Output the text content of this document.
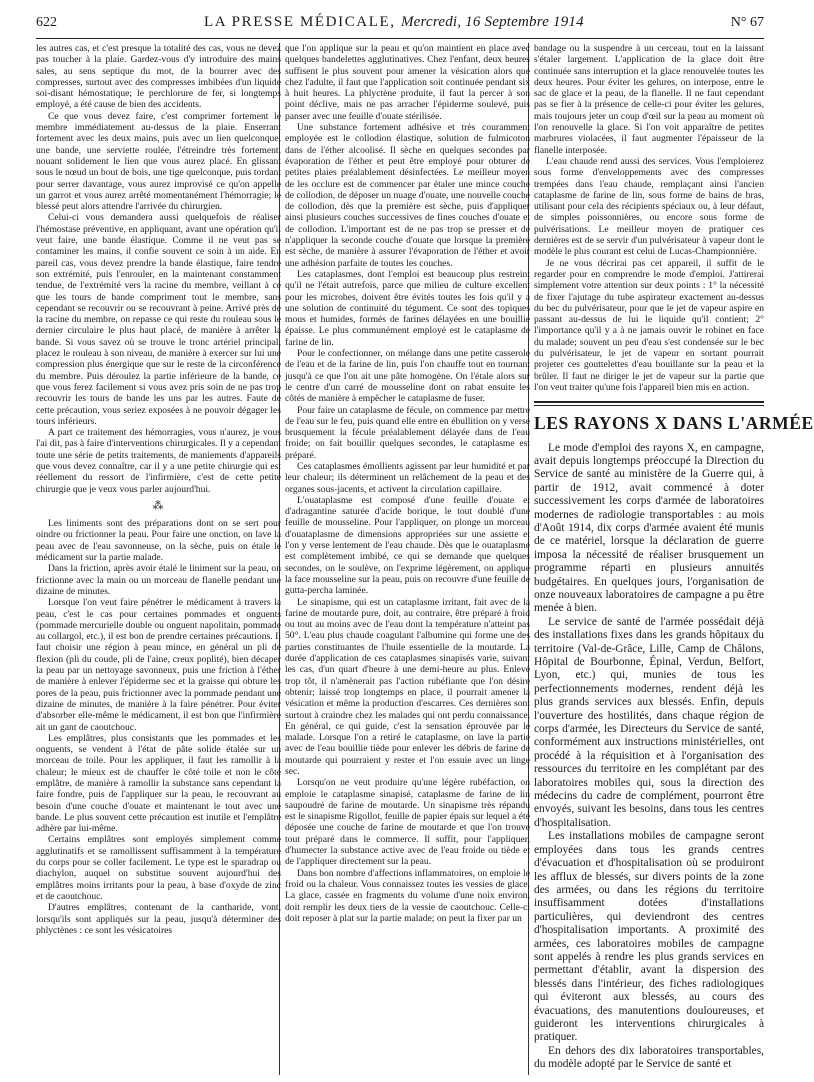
622	LA PRESSE MÉDICALE, Mercredi, 16 Septembre 1914	N° 67

les autres cas, et c'est presque la totalité des cas, vous ne devez pas toucher à la plaie. Gardez-vous d'y introduire des mains sales, au sens septique du mot, de la bourrer avec des compresses, surtout avec des compresses imbibées d'un liquide soi-disant hémostatique; le perchlorure de fer, si longtemps employé, a été cause de bien des accidents.

Ce que vous devez faire, c'est comprimer fortement le membre immédiatement au-dessus de la plaie. Enserrant fortement avec les deux mains, puis avec un lien quelconque, une bande, une serviette roulée, l'étreindre très fortement, nouant solidement le lien que vous aurez placé. En glissant sous le nœud un bout de bois, une tige quelconque, puis tordant pour serrer davantage, vous aurez improvisé ce qu'on appelle un garrot et vous aurez arrêté momentanément l'hémorragie; le blessé peut alors attendre l'arrivée du chirurgien.

Celui-ci vous demandera aussi quelquefois de réaliser l'hémostase préventive, en appliquant, avant une opération qu'il veut faire, une bande élastique. Comme il ne veut pas se contaminer les mains, il confie souvent ce soin à un aide. En pareil cas, vous devez prendre la bande élastique, faire tendre son extrémité, puis l'enrouler, en la maintenant constamment tendue, de l'extrémité vers la racine du membre, veillant à ce que les tours de bande compriment tout le membre, sans cependant se recouvrir ou se recouvrant à peine. Arrivé près de la racine du membre, on repasse ce qui reste du rouleau sous le dernier circulaire le plus haut placé, de manière à arrêter la bande. Si vous savez où se trouve le tronc artériel principal, placez le rouleau à son niveau, de manière à exercer sur lui une compression plus énergique que sur le reste de la circonférence du membre. Puis déroulez la partie inférieure de la bande, ce que vous ferez facilement si vous avez pris soin de ne pas trop recouvrir les tours de bande les uns par les autres. Faute de cette précaution, vous seriez exposées à ne pouvoir dégager les tours inférieurs.

A part ce traitement des hémorragies, vous n'aurez, je vous l'ai dit, pas à faire d'interventions chirurgicales. Il y a cependant toute une série de petits traitements, de maniements d'appareils que vous devez connaître, car il y a une petite chirurgie qui est réellement du ressort de l'infirmière, c'est de cette petite chirurgie que je veux vous parler aujourd'hui.

⁂

Les liniments sont des préparations dont on se sert pour oindre ou frictionner la peau. Pour faire une onction, on lave la peau avec de l'eau savonneuse, on la sèche, puis on étale le médicament sur la partie malade.

Dans la friction, après avoir étalé le liniment sur la peau, on frictionne avec la main ou un morceau de flanelle pendant une dizaine de minutes.

Lorsque l'on veut faire pénétrer le médicament à travers la peau, c'est le cas pour certaines pommades et onguents (pommade mercurielle double ou onguent napolitain, pommade au collargol, etc.), il est bon de prendre certaines précautions. Il faut choisir une région à peau mince, en général un pli de flexion (pli du coude, pli de l'aine, creux poplité), bien décaper la peau par un nettoyage savonneux, puis une friction à l'éther de manière à enlever l'épiderme sec et la graisse qui obture les pores de la peau, puis frictionner avec la pommade pendant une dizaine de minutes, de manière à la faire pénétrer. Pour éviter d'absorber elle-même le médicament, il est bon que l'infirmière ait un gant de caoutchouc.

Les emplâtres, plus consistants que les pommades et les onguents, se vendent à l'état de pâte solide étalée sur un morceau de toile. Pour les appliquer, il faut les ramollir à la chaleur; le mieux est de chauffer le côté toile et non le côté emplâtre, de manière à ramollir la substance sans cependant la faire fondre, puis de l'appliquer sur la peau, le recouvrant au besoin d'une couche d'ouate et maintenant le tout avec une bande. Le plus souvent cette précaution est inutile et l'emplâtre adhère par lui-même.

Certains emplâtres sont employés simplement comme agglutinatifs et se ramollissent suffisamment à la température du corps pour se coller facilement. Le type est le sparadrap ou diachylon, auquel on substitue souvent aujourd'hui des emplâtres moins irritants pour la peau, à base d'oxyde de zinc et de caoutchouc.

D'autres emplâtres, contenant de la cantharide, vont, lorsqu'ils sont appliqués sur la peau, jusqu'à déterminer des phlyctènes : ce sont les vésicatoires

que l'on applique sur la peau et qu'on maintient en place avec quelques bandelettes agglutinatives. Chez l'enfant, deux heures suffisent le plus souvent pour amener la vésication alors que chez l'adulte, il faut que l'application soit continuée pendant six à huit heures. La phlyctène produite, il faut la percer à son point déclive, mais ne pas arracher l'épiderme soulevé, puis panser avec une feuille d'ouate stérilisée.

Une substance fortement adhésive et très couramment employée est le collodion élastique, solution de fulmicoton dans de l'éther alcoolisé. Il sèche en quelques secondes par évaporation de l'éther et peut être employé pour obturer de petites plaies préalablement désinfectées. Le meilleur moyen de les occlure est de commencer par étaler une mince couche de collodion, de déposer un nuage d'ouate, une nouvelle couche de collodion, dès que la première est sèche, puis d'appliquer ainsi plusieurs couches successives de fines couches d'ouate et de collodion. L'important est de ne pas trop se presser et de n'appliquer la seconde couche d'ouate que lorsque la première est sèche, de manière à assurer l'évaporation de l'éther et avoir une adhésion parfaite de toutes les couches.

Les cataplasmes, dont l'emploi est beaucoup plus restreint qu'il ne l'était autrefois, parce que milieu de culture excellent pour les microbes, doivent être évités toutes les fois qu'il y a une solution de continuité du tégument. Ce sont des topiques mous et humides, formés de farines délayées en une bouillie épaisse. Le plus communément employé est le cataplasme de farine de lin.

Pour le confectionner, on mélange dans une petite casserole de l'eau et de la farine de lin, puis l'on chauffe tout en tournant jusqu'à ce que l'on ait une pâte homogène. On l'étale alors sur le centre d'un carré de mousseline dont on rabat ensuite les côtés de manière à empêcher le cataplasme de fuser.

Pour faire un cataplasme de fécule, on commence par mettre de l'eau sur le feu, puis quand elle entre en ébullition on y verse brusquement la fécule préalablement délayée dans de l'eau froide; on fait bouillir quelques secondes, le cataplasme est préparé.

Ces cataplasmes émollients agissent par leur humidité et par leur chaleur; ils déterminent un relâchement de la peau et des organes sous-jacents, et activent la circulation capillaire.

L'ouataplasme est composé d'une feuille d'ouate et d'adragantine saturée d'acide borique, le tout doublé d'une feuille de mousseline. Pour l'appliquer, on plonge un morceau d'ouataplasme de dimensions appropriées sur une assiette et l'on y verse lentement de l'eau chaude. Dès que le ouataplasme est complètement imbibé, ce qui se demande que quelques secondes, on le soulève, on l'exprime légèrement, on applique la face mousseline sur la peau, puis on recouvre d'une feuille de gutta-percha laminée.

Le sinapisme, qui est un cataplasme irritant, fait avec de la farine de moutarde pure, doit, au contraire, être préparé à froid ou tout au moins avec de l'eau dont la température n'atteint pas 50°. L'eau plus chaude coagulant l'albumine qui forme une des parties constituantes de l'huile essentielle de la moutarde. La durée d'application de ces cataplasmes sinapisés varie, suivant les cas, d'un quart d'heure à une demi-heure au plus. Enlevé trop tôt, il n'amènerait pas l'action rubéfiante que l'on désire obtenir; laissé trop longtemps en place, il pourrait amener la vésication et même la production d'escarres. Ces dernières sont surtout à craindre chez les malades qui ont perdu connaissance. En général, ce qui guide, c'est la sensation éprouvée par le malade. Lorsque l'on a retiré le cataplasme, on lave la partie avec de l'eau bouillie tiède pour enlever les débris de farine de moutarde qui pourraient y rester et l'on essuie avec un linge sec.

Lorsqu'on ne veut produire qu'une légère rubéfaction, on emploie le cataplasme sinapisé, cataplasme de farine de lin saupoudré de farine de moutarde. Un sinapisme très répandu est le sinapisme Rigollot, feuille de papier épais sur lequel a été déposée une couche de farine de moutarde et que l'on trouve tout préparé dans le commerce. Il suffit, pour l'appliquer, d'humecter la substance active avec de l'eau froide ou tiède et de l'appliquer directement sur la peau.

Dans bon nombre d'affections inflammatoires, on emploie le froid ou la chaleur. Vous connaissez toutes les vessies de glace. La glace, cassée en fragments du volume d'une noix environ, doit remplir les deux tiers de la vessie de caoutchouc. Celle-ci doit reposer à plat sur la partie malade; on peut la fixer par un

bandage ou la suspendre à un cerceau, tout en la laissant s'étaler largement. L'application de la glace doit être continuée sans interruption et la glace renouvelée toutes les deux heures. Pour éviter les gelures, on interpose, entre le sac de glace et la peau, de la flanelle. Il ne faut cependant pas se fier à la présence de celle-ci pour éviter les gelures, mais toujours jeter un coup d'œil sur la peau au moment où l'on renouvelle la glace. Si l'on voit apparaître de petites marbrures violacées, il faut augmenter l'épaisseur de la flanelle interposée.

L'eau chaude rend aussi des services. Vous l'emploierez sous forme d'enveloppements avec des compresses trempées dans l'eau chaude, remplaçant ainsi l'ancien cataplasme de farine de lin, sous forme de bains de bras, utilisant pour cela des récipients spéciaux ou, à leur défaut, de simples poissonnières, ou encore sous forme de pulvérisations. Le meilleur moyen de pratiquer ces dernières est de se servir d'un pulvérisateur à vapeur dont le modèle le plus courant est celui de Lucas-Championnière.

Je ne vous décrirai pas cet appareil, il suffit de le regarder pour en comprendre le mode d'emploi. J'attirerai simplement votre attention sur deux points : 1° la nécessité de fixer l'ajutage du tube aspirateur exactement au-dessus du bec du pulvérisateur, pour que le jet de vapeur aspire en passant au-dessus de lui le liquide qu'il contient; 2° l'importance qu'il y a à ne jamais ouvrir le robinet en face du malade; souvent un peu d'eau s'est condensée sur le bec du pulvérisateur, le jet de vapeur en sortant pourrait projeter ces gouttelettes d'eau bouillante sur la peau et la brûler. Il faut ne diriger le jet de vapeur sur la partie que l'on veut traiter qu'une fois l'appareil bien mis en action.

LES RAYONS X DANS L'ARMÉE

Le mode d'emploi des rayons X, en campagne, avait depuis longtemps préoccupé la Direction du Service de santé au ministère de la Guerre qui, à partir de 1912, avait commencé à doter successivement les corps d'armée de laboratoires modernes de radiologie transportables : au mois d'Août 1914, dix corps d'armée avaient été munis de ce matériel, lorsque la déclaration de guerre imposa la nécessité de réaliser brusquement un programme réparti en plusieurs annuités budgétaires. En quelques jours, l'organisation de onze nouveaux laboratoires de campagne a pu être menée à bien.

Le service de santé de l'armée possédait déjà des installations fixes dans les grands hôpitaux du territoire (Val-de-Grâce, Lille, Camp de Châlons, Hôpital de Bourbonne, Épinal, Verdun, Belfort, Lyon, etc.) qui, munies de tous les perfectionnements modernes, rendent déjà les plus grands services aux blessés. Enfin, depuis l'ouverture des hostilités, dans chaque région de corps d'armée, les Directeurs du Service de santé, conformément aux instructions ministérielles, ont procédé à la réquisition et à l'organisation des ressources du territoire en les complétant par des laboratoires mobiles qui, sous la direction des médecins du cadre de complément, pourront être envoyés, suivant les besoins, dans tous les centres d'hospitalisation.

Les installations mobiles de campagne seront employées dans tous les grands centres d'évacuation et d'hospitalisation où se produiront les afflux de blessés, sur divers points de la zone des armées, ou dans les régions du territoire insuffisamment dotées d'installations particulières, qui deviendront des centres d'hospitalisation importants. A proximité des armées, ces laboratoires mobiles de campagne sont appelés à rendre les plus grands services en permettant d'établir, avant la dispersion des blessés dans l'intérieur, des fiches radiologiques qui éviteront aux blessés, au cours des évacuations, des manutentions douloureuses, et guideront les interventions chirurgicales à pratiquer.

En dehors des dix laboratoires transportables, du modèle adopté par le Service de santé et
